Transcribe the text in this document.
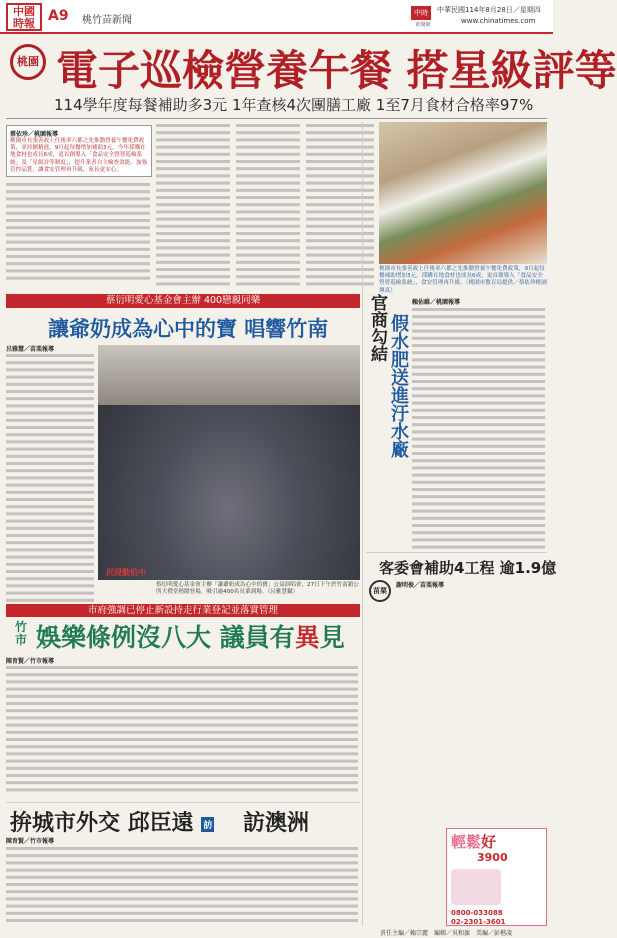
中國
時報 A9 桃竹苗新聞
中時
新聞網
中華民國114年8月28日／星期四
www.chinatimes.com
桃園 電子巡檢營養午餐 搭星級評等
114學年度每餐補助多3元 1年查核4次團膳工廠 1至7月食材合格率97%
蔡依珍／桃園報導
桃園市長張善政上任後率六都之先推動營養午餐免費政策，並持續精進，9月起每餐增加補助3元，今年採購在地食材也成長6成，更首創導入「食品安全營智巡檢系統」及「星級評等制度」，提升業者自主檢查效能、加強管控品質，讓食安管理再升級，家長更安心。
桃園市長張善政上任後率六都之先推動營養午餐免費政策，9月起每餐補助增加3元，採購在地食材也成長6成，更首創導入「食品安全營智巡檢系統」，食安管理再升級。（桃園市教育局提供／蔡依珍桃園傳真）
蔡衍明愛心基金會主辦 400戀親同樂
讓爺奶成為心中的寶 唱響竹南
呂雅慧／苗栗報導
沉浸動拍中
蔡衍明愛心基金會主辦「讓爺奶成為心中的寶」公益演唱會，27日下午於竹南鎮公所大禮堂熱鬧登場，吸引逾400名長輩到場。（呂雅慧攝）
賴佑維／桃園報導
官商勾結 假水肥送進汙水廠
客委會補助4工程 逾1.9億
苗栗
謝明俊／苗栗報導
市府強調已停止新設持走行業登記並落實管理
竹市 娛樂條例沒八大 議員有異見
陳育賢／竹市報導
拚城市外交 邱臣遠 訪 訪澳洲
陳育賢／竹市報導	輕鬆好
3900
0800-033088
02-2301-3601
責任主編／賴宗麗　編輯／吳和旗　美編／彭楷凌
